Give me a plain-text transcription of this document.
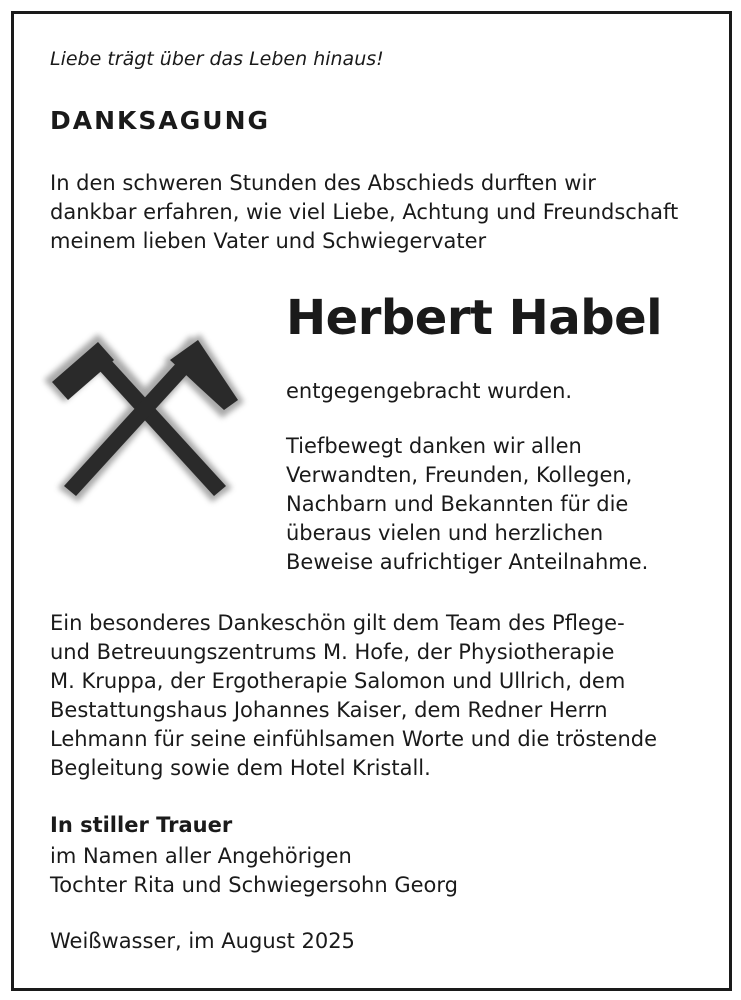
Liebe trägt über das Leben hinaus!
DANKSAGUNG
In den schweren Stunden des Abschieds durften wir
dankbar erfahren, wie viel Liebe, Achtung und Freundschaft
meinem lieben Vater und Schwiegervater
Herbert Habel
entgegengebracht wurden.
Tiefbewegt danken wir allen
Verwandten, Freunden, Kollegen,
Nachbarn und Bekannten für die
überaus vielen und herzlichen
Beweise aufrichtiger Anteilnahme.
Ein besonderes Dankeschön gilt dem Team des Pflege-
und Betreuungszentrums M. Hofe, der Physiotherapie
M. Kruppa, der Ergotherapie Salomon und Ullrich, dem
Bestattungshaus Johannes Kaiser, dem Redner Herrn
Lehmann für seine einfühlsamen Worte und die tröstende
Begleitung sowie dem Hotel Kristall.
In stiller Trauer
im Namen aller Angehörigen
Tochter Rita und Schwiegersohn Georg
Weißwasser, im August 2025
